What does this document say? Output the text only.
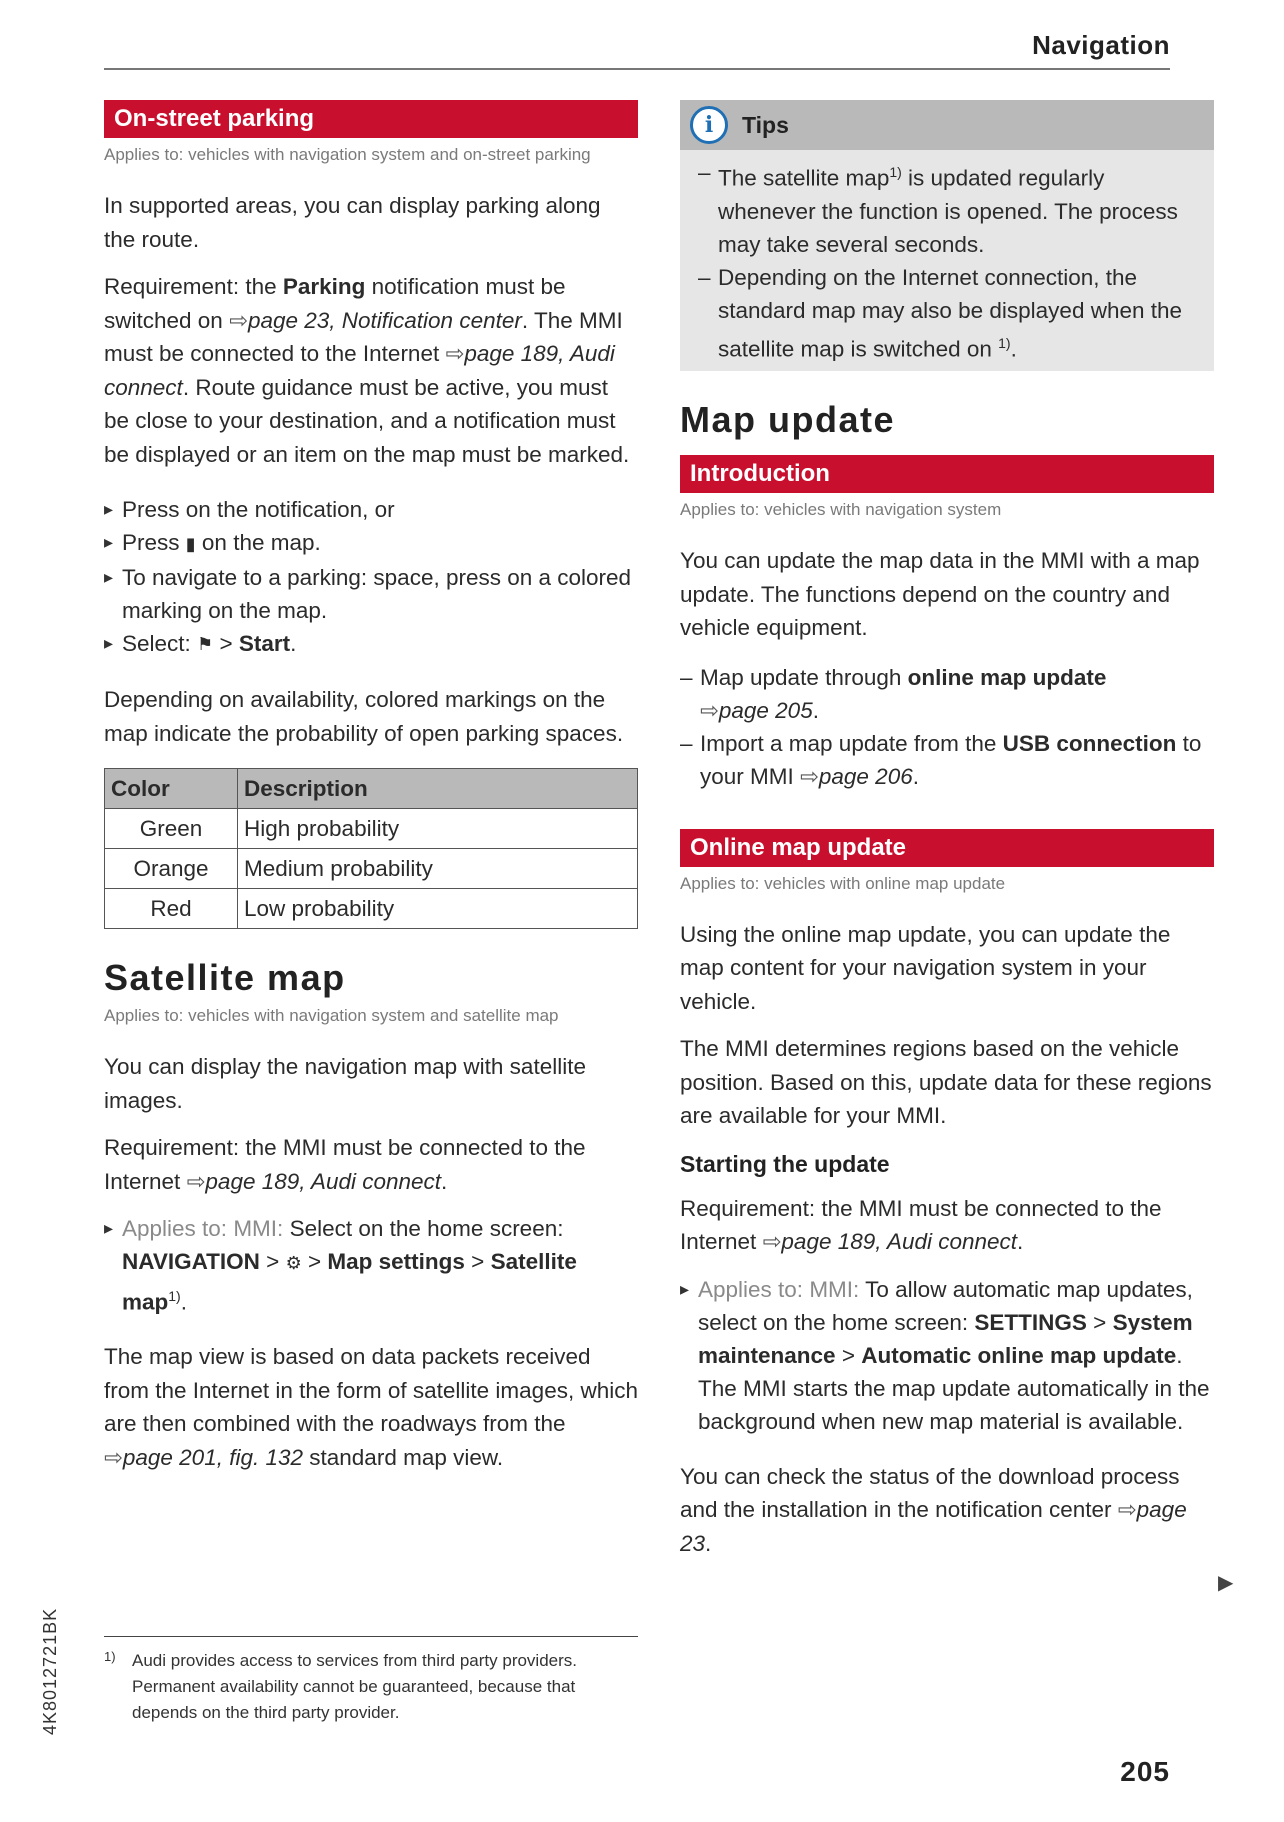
Navigation
On-street parking
Applies to: vehicles with navigation system and on-street parking

In supported areas, you can display parking along the route.

Requirement: the Parking notification must be switched on ⇨page 23, Notification center. The MMI must be connected to the Internet ⇨page 189, Audi connect. Route guidance must be active, you must be close to your destination, and a notification must be displayed or an item on the map must be marked.

▸ Press on the notification, or
▸ Press ▮ on the map.
▸ To navigate to a parking: space, press on a colored marking on the map.
▸ Select: ⚑ > Start.

Depending on availability, colored markings on the map indicate the probability of open parking spaces.

Color	Description
Green	High probability
Orange	Medium probability
Red	Low probability
Satellite map
Applies to: vehicles with navigation system and satellite map

You can display the navigation map with satellite images.

Requirement: the MMI must be connected to the Internet ⇨page 189, Audi connect.

▸ Applies to: MMI: Select on the home screen: NAVIGATION > ⚙ > Map settings > Satellite map$^{1)}$.

The map view is based on data packets received from the Internet in the form of satellite images, which are then combined with the roadways from the ⇨page 201, fig. 132 standard map view.

1) Audi provides access to services from third party providers. Permanent availability cannot be guaranteed, because that depends on the third party provider.
i	Tips
– The satellite map$^{1)}$ is updated regularly whenever the function is opened. The process may take several seconds.
– Depending on the Internet connection, the standard map may also be displayed when the satellite map is switched on $^{1)}$.
Map update
Introduction
Applies to: vehicles with navigation system

You can update the map data in the MMI with a map update. The functions depend on the country and vehicle equipment.

– Map update through online map update
⇨page 205.
– Import a map update from the USB connection to your MMI ⇨page 206.
Online map update
Applies to: vehicles with online map update

Using the online map update, you can update the map content for your navigation system in your vehicle.

The MMI determines regions based on the vehicle position. Based on this, update data for these regions are available for your MMI.

Starting the update

Requirement: the MMI must be connected to the Internet ⇨page 189, Audi connect.

▸ Applies to: MMI: To allow automatic map updates, select on the home screen: SETTINGS > System maintenance > Automatic online map update. The MMI starts the map update automatically in the background when new map material is available.

You can check the status of the download process and the installation in the notification center ⇨page 23.

▶
4K8012721BK
205
